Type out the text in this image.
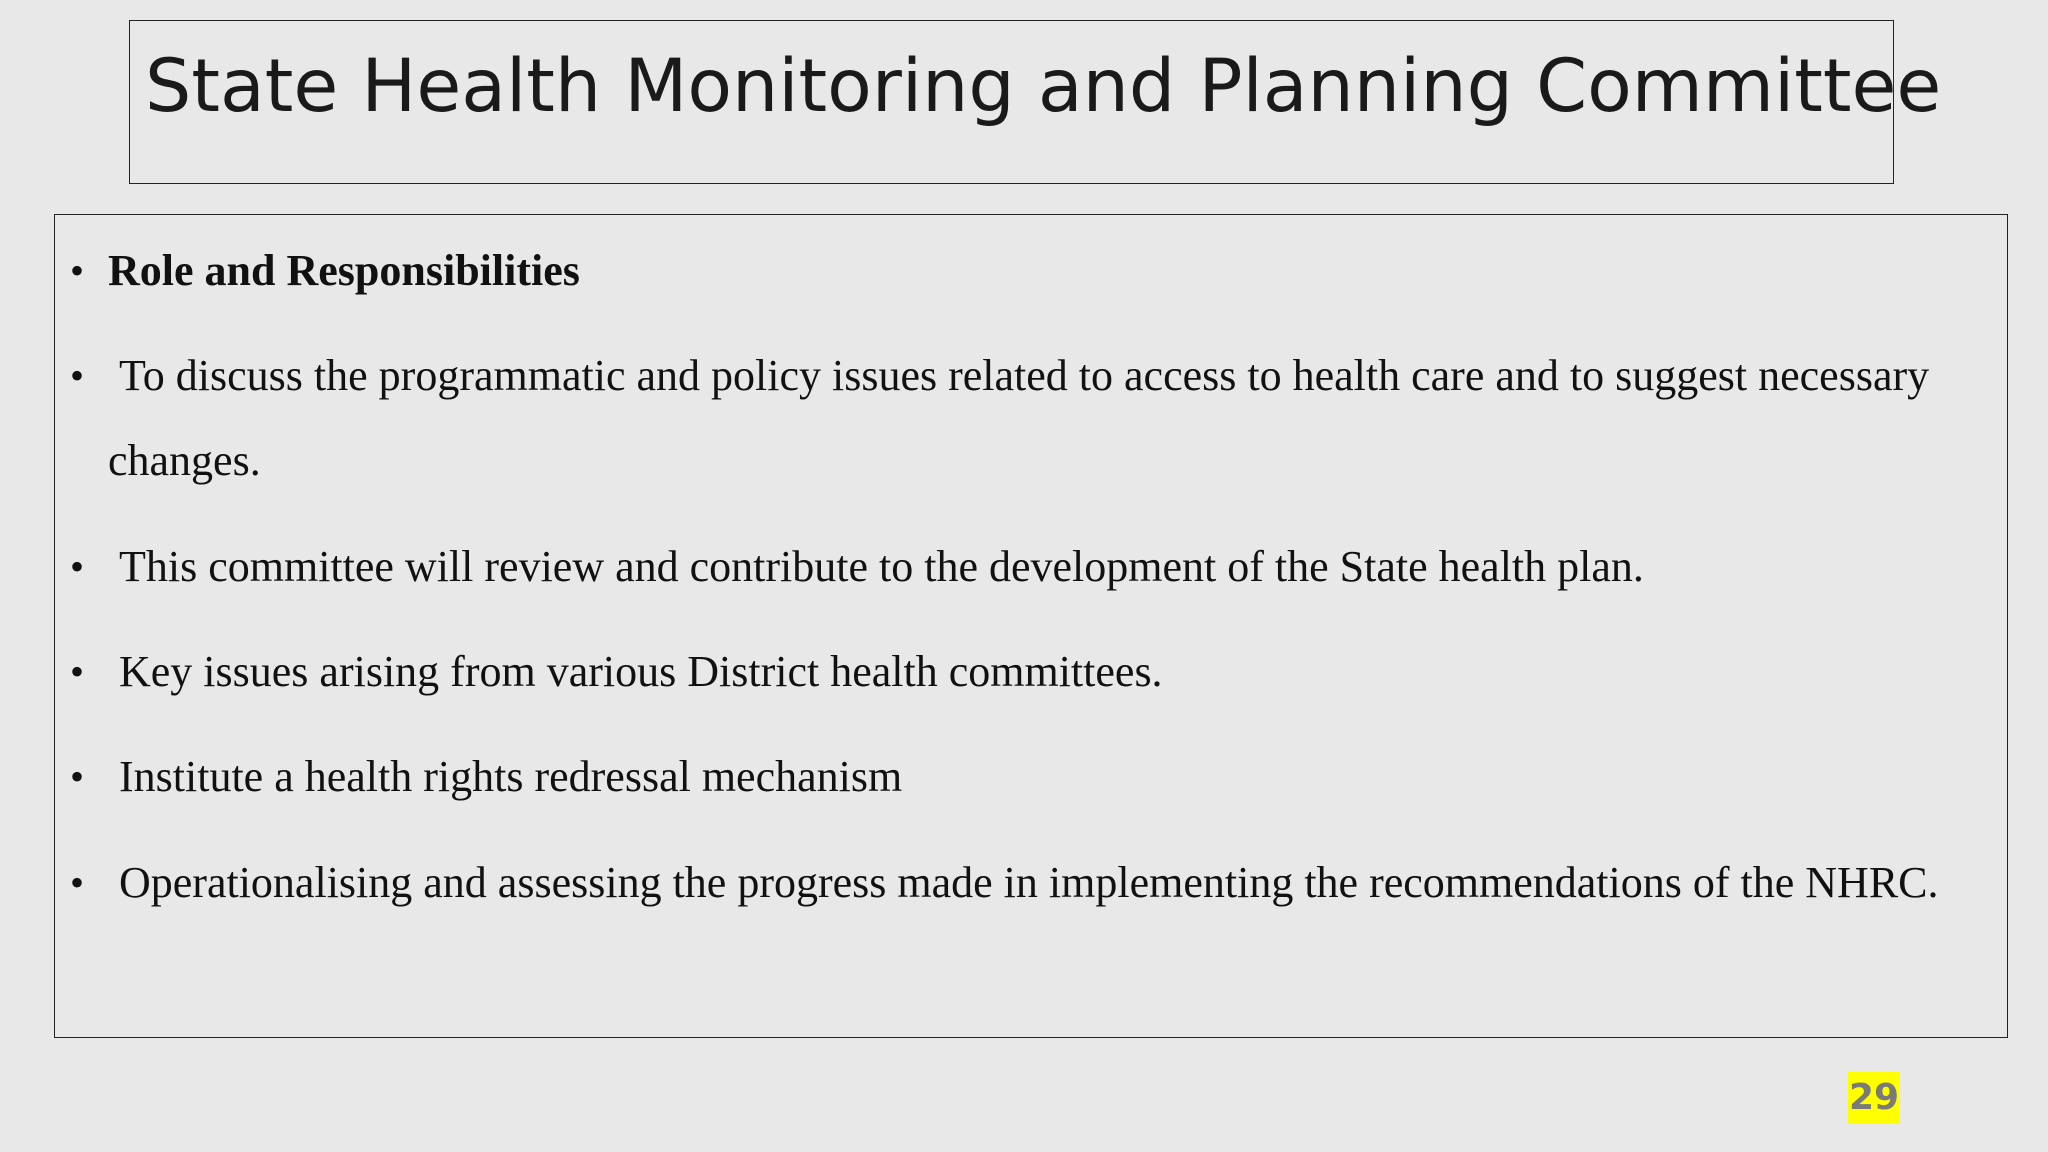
State Health Monitoring and Planning Committee
• Role and Responsibilities
• To discuss the programmatic and policy issues related to access to health care and to suggest necessary changes.
• This committee will review and contribute to the development of the State health plan.
• Key issues arising from various District health committees.
• Institute a health rights redressal mechanism
• Operationalising and assessing the progress made in implementing the recommendations of the NHRC.
29
